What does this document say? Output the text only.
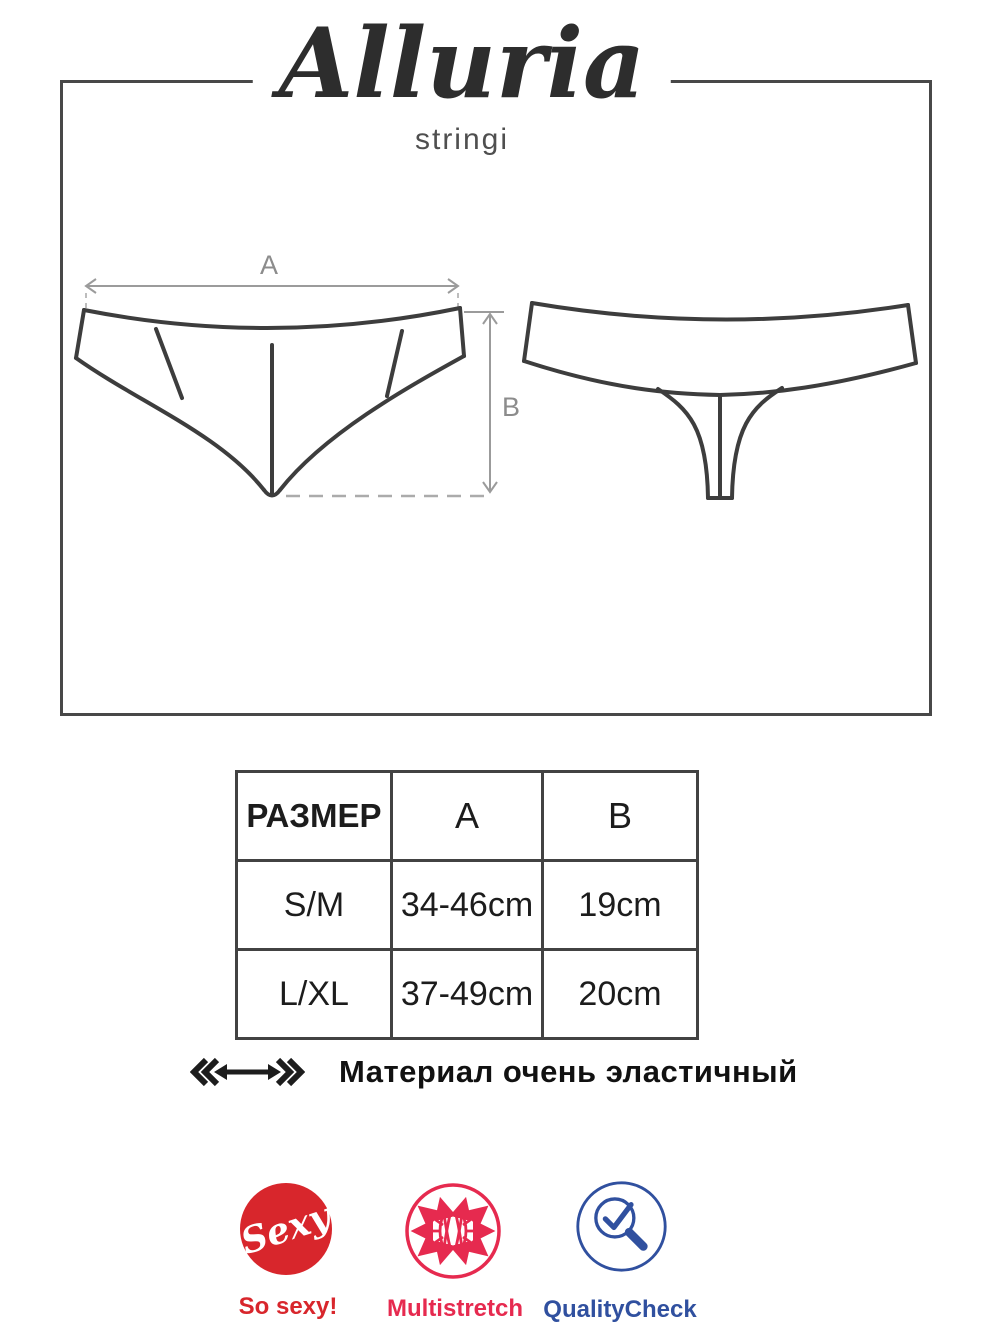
Alluria
stringi
A
B
РАЗМЕР	A	B
S/M	34-46cm	19cm
L/XL	37-49cm	20cm
Материал очень эластичный
Sexy
So sexy! Multistretch QualityCheck
